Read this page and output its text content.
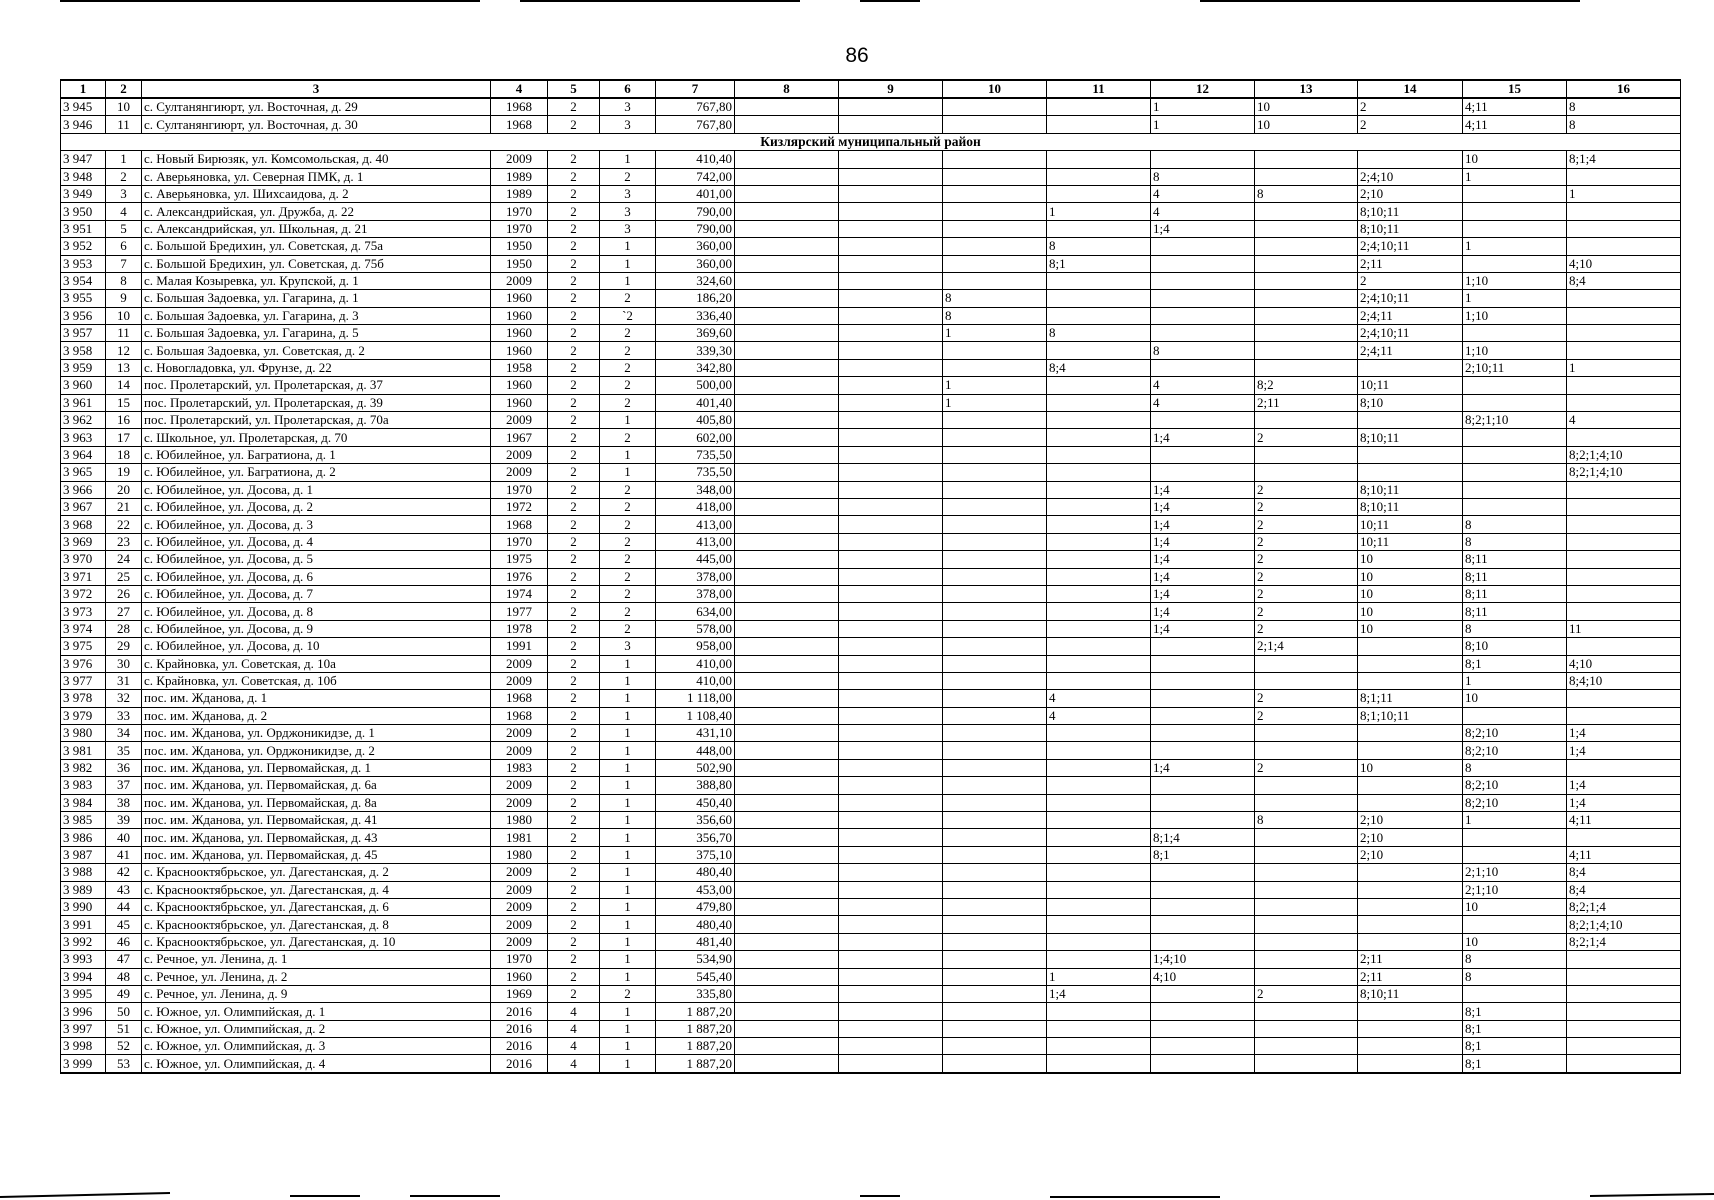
86
1	2	3	4	5	6	7	8	9	10	11	12	13	14	15	16
3 945	10	с. Султанянгиюрт, ул. Восточная, д. 29	1968	2	3	767,80					1	10	2	4;11	8
3 946	11	с. Султанянгиюрт, ул. Восточная, д. 30	1968	2	3	767,80					1	10	2	4;11	8
Кизлярский муниципальный район															
3 947	1	с. Новый Бирюзяк, ул. Комсомольская, д. 40	2009	2	1	410,40								10	8;1;4
3 948	2	с. Аверьяновка, ул. Северная ПМК, д. 1	1989	2	2	742,00					8		2;4;10	1	
3 949	3	с. Аверьяновка, ул. Шихсаидова, д. 2	1989	2	3	401,00					4	8	2;10		1
3 950	4	с. Александрийская, ул. Дружба, д. 22	1970	2	3	790,00				1	4		8;10;11		
3 951	5	с. Александрийская, ул. Школьная, д. 21	1970	2	3	790,00					1;4		8;10;11		
3 952	6	с. Большой Бредихин, ул. Советская, д. 75а	1950	2	1	360,00				8			2;4;10;11	1	
3 953	7	с. Большой Бредихин, ул. Советская, д. 75б	1950	2	1	360,00				8;1			2;11		4;10
3 954	8	с. Малая Козыревка, ул. Крупской, д. 1	2009	2	1	324,60							2	1;10	8;4
3 955	9	с. Большая Задоевка, ул. Гагарина, д. 1	1960	2	2	186,20			8				2;4;10;11	1	
3 956	10	с. Большая Задоевка, ул. Гагарина, д. 3	1960	2	`2	336,40			8				2;4;11	1;10	
3 957	11	с. Большая Задоевка, ул. Гагарина, д. 5	1960	2	2	369,60			1	8			2;4;10;11		
3 958	12	с. Большая Задоевка, ул. Советская, д. 2	1960	2	2	339,30					8		2;4;11	1;10	
3 959	13	с. Новогладовка, ул. Фрунзе, д. 22	1958	2	2	342,80				8;4				2;10;11	1
3 960	14	пос. Пролетарский, ул. Пролетарская, д. 37	1960	2	2	500,00			1		4	8;2	10;11		
3 961	15	пос. Пролетарский, ул. Пролетарская, д. 39	1960	2	2	401,40			1		4	2;11	8;10		
3 962	16	пос. Пролетарский, ул. Пролетарская, д. 70а	2009	2	1	405,80								8;2;1;10	4
3 963	17	с. Школьное, ул. Пролетарская, д. 70	1967	2	2	602,00					1;4	2	8;10;11		
3 964	18	с. Юбилейное, ул. Багратиона, д. 1	2009	2	1	735,50									8;2;1;4;10
3 965	19	с. Юбилейное, ул. Багратиона, д. 2	2009	2	1	735,50									8;2;1;4;10
3 966	20	с. Юбилейное, ул. Досова, д. 1	1970	2	2	348,00					1;4	2	8;10;11		
3 967	21	с. Юбилейное, ул. Досова, д. 2	1972	2	2	418,00					1;4	2	8;10;11		
3 968	22	с. Юбилейное, ул. Досова, д. 3	1968	2	2	413,00					1;4	2	10;11	8	
3 969	23	с. Юбилейное, ул. Досова, д. 4	1970	2	2	413,00					1;4	2	10;11	8	
3 970	24	с. Юбилейное, ул. Досова, д. 5	1975	2	2	445,00					1;4	2	10	8;11	
3 971	25	с. Юбилейное, ул. Досова, д. 6	1976	2	2	378,00					1;4	2	10	8;11	
3 972	26	с. Юбилейное, ул. Досова, д. 7	1974	2	2	378,00					1;4	2	10	8;11	
3 973	27	с. Юбилейное, ул. Досова, д. 8	1977	2	2	634,00					1;4	2	10	8;11	
3 974	28	с. Юбилейное, ул. Досова, д. 9	1978	2	2	578,00					1;4	2	10	8	11
3 975	29	с. Юбилейное, ул. Досова, д. 10	1991	2	3	958,00						2;1;4		8;10	
3 976	30	с. Крайновка, ул. Советская, д. 10а	2009	2	1	410,00								8;1	4;10
3 977	31	с. Крайновка, ул. Советская, д. 10б	2009	2	1	410,00								1	8;4;10
3 978	32	пос. им. Жданова, д. 1	1968	2	1	1 118,00				4		2	8;1;11	10	
3 979	33	пос. им. Жданова, д. 2	1968	2	1	1 108,40				4		2	8;1;10;11		
3 980	34	пос. им. Жданова, ул. Орджоникидзе, д. 1	2009	2	1	431,10								8;2;10	1;4
3 981	35	пос. им. Жданова, ул. Орджоникидзе, д. 2	2009	2	1	448,00								8;2;10	1;4
3 982	36	пос. им. Жданова, ул. Первомайская, д. 1	1983	2	1	502,90					1;4	2	10	8	
3 983	37	пос. им. Жданова, ул. Первомайская, д. 6а	2009	2	1	388,80								8;2;10	1;4
3 984	38	пос. им. Жданова, ул. Первомайская, д. 8а	2009	2	1	450,40								8;2;10	1;4
3 985	39	пос. им. Жданова, ул. Первомайская, д. 41	1980	2	1	356,60						8	2;10	1	4;11
3 986	40	пос. им. Жданова, ул. Первомайская, д. 43	1981	2	1	356,70					8;1;4		2;10		
3 987	41	пос. им. Жданова, ул. Первомайская, д. 45	1980	2	1	375,10					8;1		2;10		4;11
3 988	42	с. Краснооктябрьское, ул. Дагестанская, д. 2	2009	2	1	480,40								2;1;10	8;4
3 989	43	с. Краснооктябрьское, ул. Дагестанская, д. 4	2009	2	1	453,00								2;1;10	8;4
3 990	44	с. Краснооктябрьское, ул. Дагестанская, д. 6	2009	2	1	479,80								10	8;2;1;4
3 991	45	с. Краснооктябрьское, ул. Дагестанская, д. 8	2009	2	1	480,40									8;2;1;4;10
3 992	46	с. Краснооктябрьское, ул. Дагестанская, д. 10	2009	2	1	481,40								10	8;2;1;4
3 993	47	с. Речное, ул. Ленина, д. 1	1970	2	1	534,90					1;4;10		2;11	8	
3 994	48	с. Речное, ул. Ленина, д. 2	1960	2	1	545,40				1	4;10		2;11	8	
3 995	49	с. Речное, ул. Ленина, д. 9	1969	2	2	335,80				1;4		2	8;10;11		
3 996	50	с. Южное, ул. Олимпийская, д. 1	2016	4	1	1 887,20								8;1	
3 997	51	с. Южное, ул. Олимпийская, д. 2	2016	4	1	1 887,20								8;1	
3 998	52	с. Южное, ул. Олимпийская, д. 3	2016	4	1	1 887,20								8;1	
3 999	53	с. Южное, ул. Олимпийская, д. 4	2016	4	1	1 887,20								8;1	
